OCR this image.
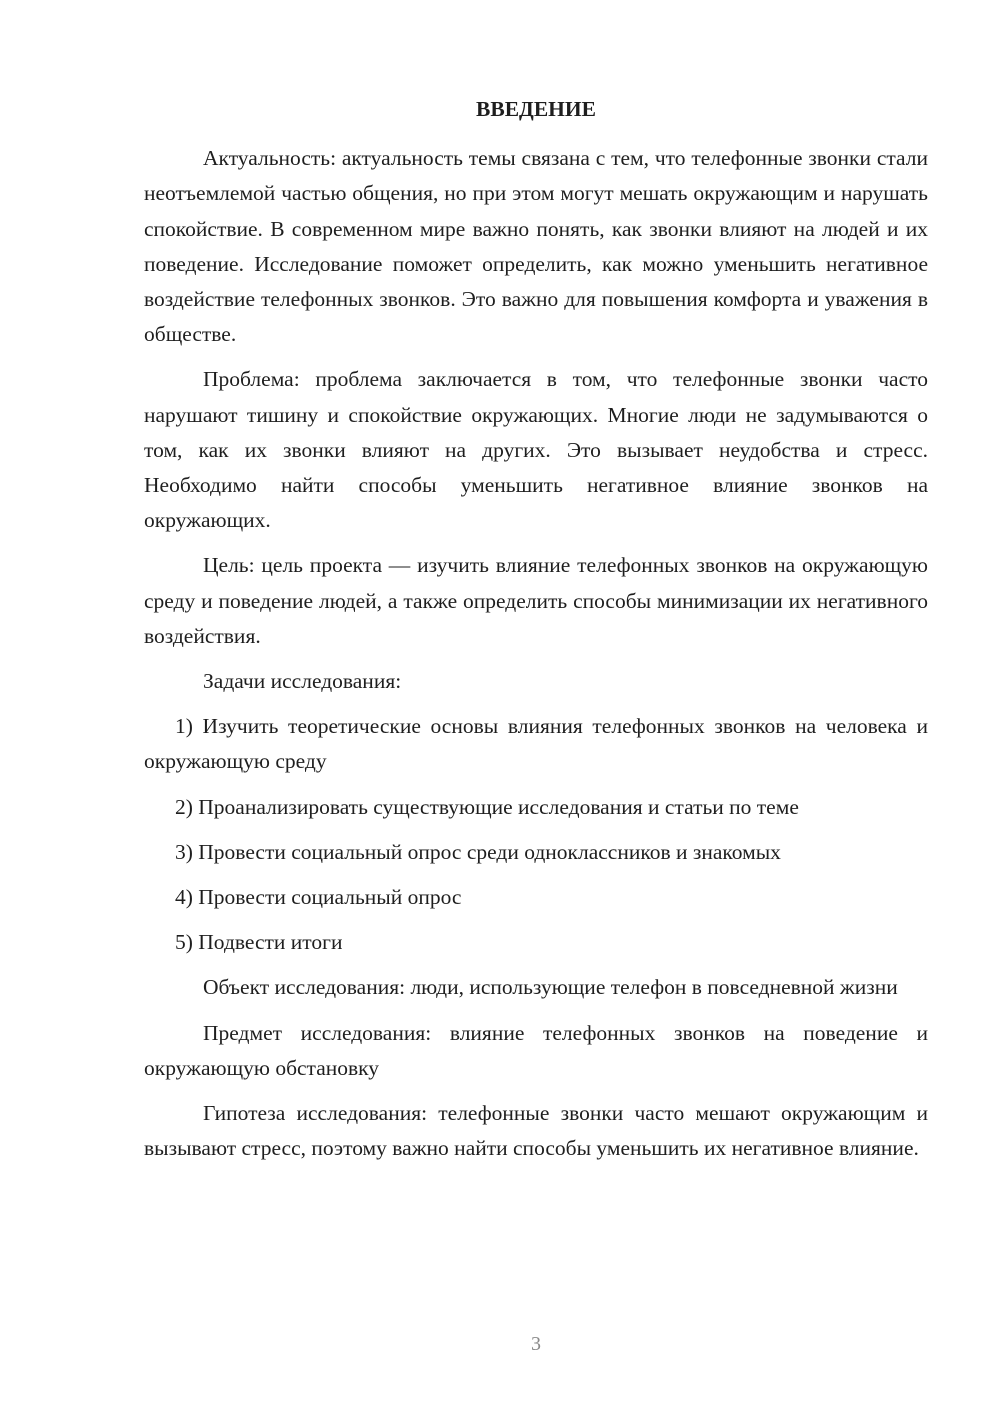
ВВЕДЕНИЕ

Актуальность: актуальность темы связана с тем, что телефонные звонки стали неотъемлемой частью общения, но при этом могут мешать окружающим и нарушать спокойствие. В современном мире важно понять, как звонки влияют на людей и их поведение. Исследование поможет определить, как можно уменьшить негативное воздействие телефонных звонков. Это важно для повышения комфорта и уважения в обществе.

Проблема: проблема заключается в том, что телефонные звонки часто нарушают тишину и спокойствие окружающих. Многие люди не задумываются о том, как их звонки влияют на других. Это вызывает неудобства и стресс. Необходимо найти способы уменьшить негативное влияние звонков на окружающих.

Цель: цель проекта — изучить влияние телефонных звонков на окружающую среду и поведение людей, а также определить способы минимизации их негативного воздействия.

Задачи исследования:

1) Изучить теоретические основы влияния телефонных звонков на человека и окружающую среду

2) Проанализировать существующие исследования и статьи по теме

3) Провести социальный опрос среди одноклассников и знакомых

4) Провести социальный опрос

5) Подвести итоги

Объект исследования: люди, использующие телефон в повседневной жизни

Предмет исследования: влияние телефонных звонков на поведение и окружающую обстановку

Гипотеза исследования: телефонные звонки часто мешают окружающим и вызывают стресс, поэтому важно найти способы уменьшить их негативное влияние.

3
